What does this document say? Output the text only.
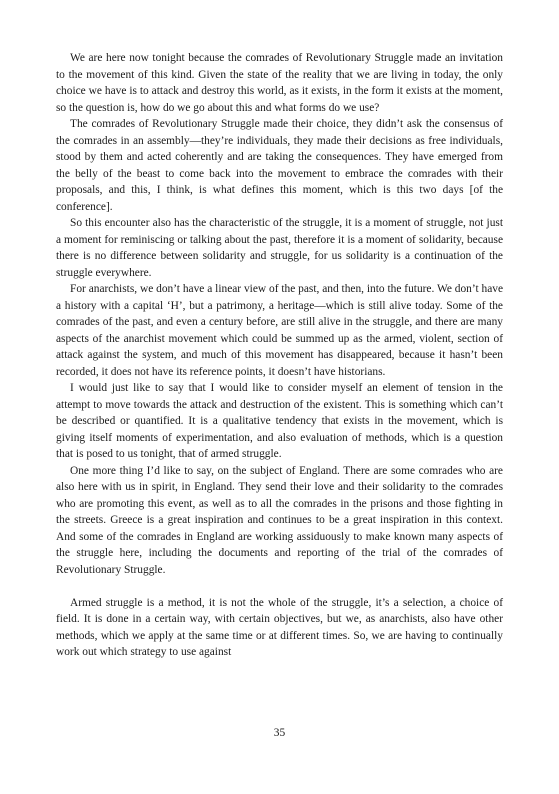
We are here now tonight because the comrades of Revolutionary Struggle made an invitation to the movement of this kind. Given the state of the reality that we are living in today, the only choice we have is to attack and destroy this world, as it exists, in the form it exists at the moment, so the question is, how do we go about this and what forms do we use?

The comrades of Revolutionary Struggle made their choice, they didn’t ask the consensus of the comrades in an assembly—they’re individuals, they made their decisions as free individuals, stood by them and acted coherently and are taking the consequences. They have emerged from the belly of the beast to come back into the movement to embrace the comrades with their proposals, and this, I think, is what defines this moment, which is this two days [of the conference].

So this encounter also has the characteristic of the struggle, it is a moment of struggle, not just a moment for reminiscing or talking about the past, therefore it is a moment of solidarity, because there is no difference between solidarity and struggle, for us solidarity is a continuation of the struggle everywhere.

For anarchists, we don’t have a linear view of the past, and then, into the future. We don’t have a history with a capital ‘H’, but a patrimony, a heritage—which is still alive today. Some of the comrades of the past, and even a century before, are still alive in the struggle, and there are many aspects of the anarchist movement which could be summed up as the armed, violent, section of attack against the system, and much of this movement has disappeared, because it hasn’t been recorded, it does not have its reference points, it doesn’t have historians.

I would just like to say that I would like to consider myself an element of tension in the attempt to move towards the attack and destruction of the existent. This is something which can’t be described or quantified. It is a qualitative tendency that exists in the movement, which is giving itself moments of experimentation, and also evaluation of methods, which is a question that is posed to us tonight, that of armed struggle.

One more thing I’d like to say, on the subject of England. There are some comrades who are also here with us in spirit, in England. They send their love and their solidarity to the comrades who are promoting this event, as well as to all the comrades in the prisons and those fighting in the streets. Greece is a great inspiration and continues to be a great inspiration in this context. And some of the comrades in England are working assiduously to make known many aspects of the struggle here, including the documents and reporting of the trial of the comrades of Revolutionary Struggle.

Armed struggle is a method, it is not the whole of the struggle, it’s a selection, a choice of field. It is done in a certain way, with certain objectives, but we, as anarchists, also have other methods, which we apply at the same time or at different times. So, we are having to continually work out which strategy to use against

35
